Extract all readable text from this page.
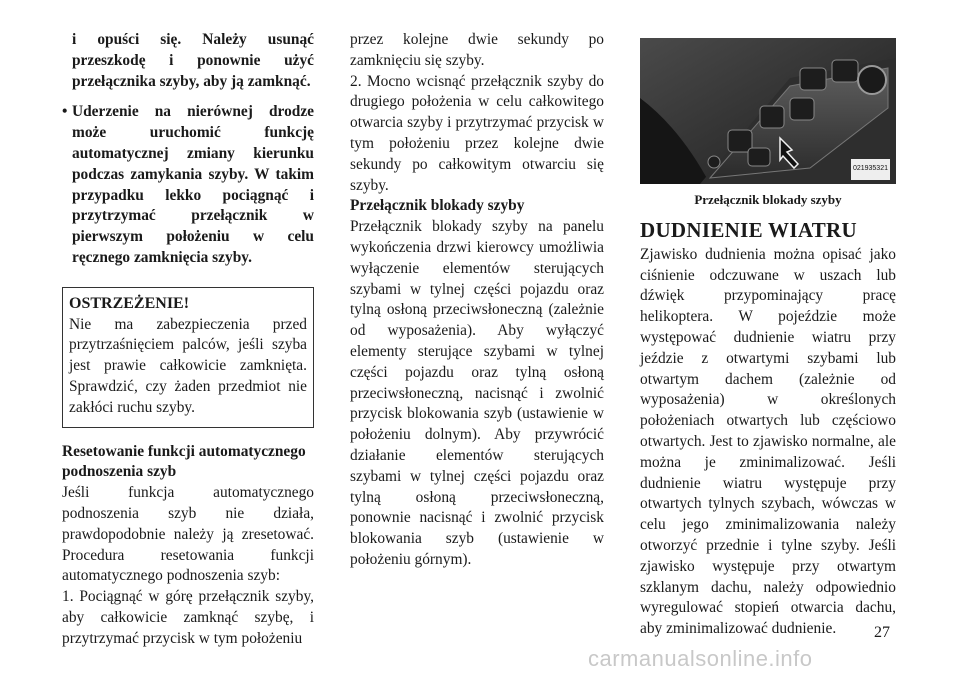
i opuści się. Należy usunąć przeszkodę i ponownie użyć przełącznika szyby, aby ją zamknąć.

• Uderzenie na nierównej drodze może uruchomić funkcję automatycznej zmiany kierunku podczas zamykania szyby. W takim przypadku lekko pociągnąć i przytrzymać przełącznik w pierwszym położeniu w celu ręcznego zamknięcia szyby.

OSTRZEŻENIE!

Nie ma zabezpieczenia przed przytrzaśnięciem palców, jeśli szyba jest prawie całkowicie zamknięta. Sprawdzić, czy żaden przedmiot nie zakłóci ruchu szyby.

Resetowanie funkcji automatycznego podnoszenia szyb

Jeśli funkcja automatycznego podnoszenia szyb nie działa, prawdopodobnie należy ją zresetować. Procedura resetowania funkcji automatycznego podnoszenia szyb:

1. Pociągnąć w górę przełącznik szyby, aby całkowicie zamknąć szybę, i przytrzymać przycisk w tym położeniu

przez kolejne dwie sekundy po zamknięciu się szyby.

2. Mocno wcisnąć przełącznik szyby do drugiego położenia w celu całkowitego otwarcia szyby i przytrzymać przycisk w tym położeniu przez kolejne dwie sekundy po całkowitym otwarciu się szyby.

Przełącznik blokady szyby

Przełącznik blokady szyby na panelu wykończenia drzwi kierowcy umożliwia wyłączenie elementów sterujących szybami w tylnej części pojazdu oraz tylną osłoną przeciwsłoneczną (zależnie od wyposażenia). Aby wyłączyć elementy sterujące szybami w tylnej części pojazdu oraz tylną osłoną przeciwsłoneczną, nacisnąć i zwolnić przycisk blokowania szyb (ustawienie w położeniu dolnym). Aby przywrócić działanie elementów sterujących szybami w tylnej części pojazdu oraz tylną osłoną przeciwsłoneczną, ponownie nacisnąć i zwolnić przycisk blokowania szyb (ustawienie w położeniu górnym).

021935321

Przełącznik blokady szyby

DUDNIENIE WIATRU

Zjawisko dudnienia można opisać jako ciśnienie odczuwane w uszach lub dźwięk przypominający pracę helikoptera. W pojeździe może występować dudnienie wiatru przy jeździe z otwartymi szybami lub otwartym dachem (zależnie od wyposażenia) w określonych położeniach otwartych lub częściowo otwartych. Jest to zjawisko normalne, ale można je zminimalizować. Jeśli dudnienie wiatru występuje przy otwartych tylnych szybach, wówczas w celu jego zminimalizowania należy otworzyć przednie i tylne szyby. Jeśli zjawisko występuje przy otwartym szklanym dachu, należy odpowiednio wyregulować stopień otwarcia dachu, aby zminimalizować dudnienie.	27
carmanualsonline.info
